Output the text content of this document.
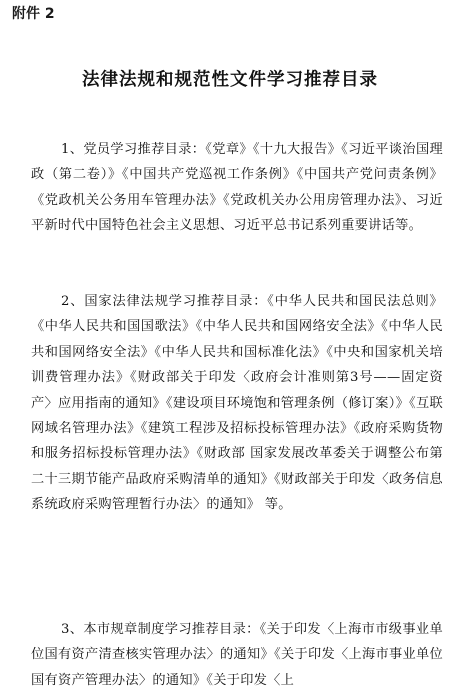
附件 2
法律法规和规范性文件学习推荐目录

1、党员学习推荐目录：《党章》《十九大报告》《习近平谈治国理政（第二卷）》《中国共产党巡视工作条例》《中国共产党问责条例》《党政机关公务用车管理办法》《党政机关办公用房管理办法》、习近平新时代中国特色社会主义思想、习近平总书记系列重要讲话等。

2、国家法律法规学习推荐目录：《中华人民共和国民法总则》《中华人民共和国国歌法》《中华人民共和国网络安全法》《中华人民共和国网络安全法》《中华人民共和国标准化法》《中央和国家机关培训费管理办法》《财政部关于印发〈政府会计准则第3号——固定资产〉应用指南的通知》《建设项目环境饱和管理条例（修订案）》《互联网域名管理办法》《建筑工程涉及招标投标管理办法》《政府采购货物和服务招标投标管理办法》《财政部 国家发展改革委关于调整公布第二十三期节能产品政府采购清单的通知》《财政部关于印发〈政务信息系统政府采购管理暂行办法〉的通知》 等。

3、本市规章制度学习推荐目录：《关于印发〈上海市市级事业单位国有资产清查核实管理办法〉的通知》《关于印发〈上海市事业单位国有资产管理办法〉的通知》《关于印发〈上
